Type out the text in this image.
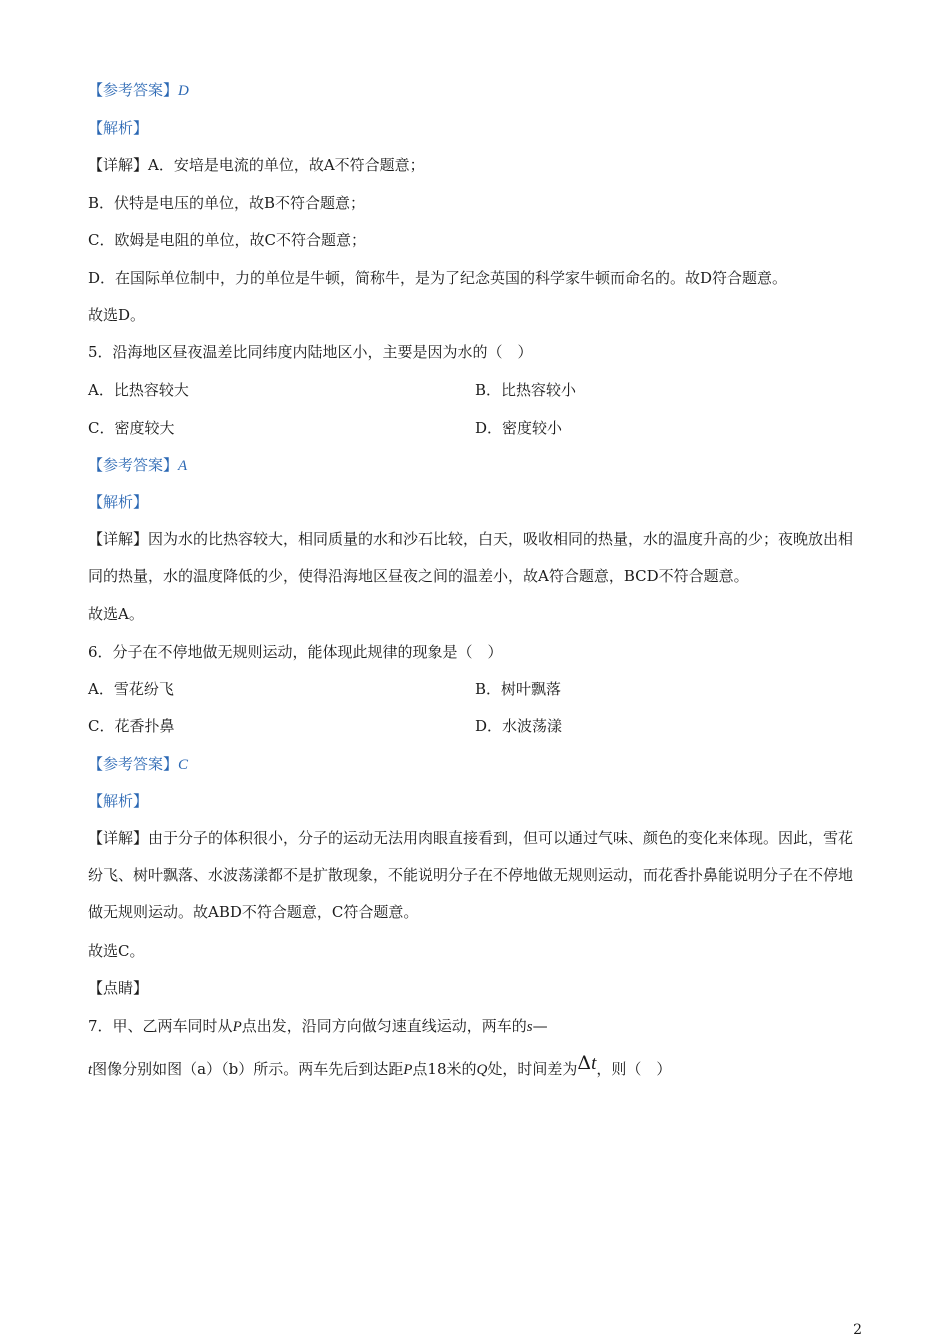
【参考答案】D
【解析】
【详解】A．安培是电流的单位，故A不符合题意；
B．伏特是电压的单位，故B不符合题意；
C．欧姆是电阻的单位，故C不符合题意；
D．在国际单位制中，力的单位是牛顿，简称牛，是为了纪念英国的科学家牛顿而命名的。故D符合题意。
故选D。
5．沿海地区昼夜温差比同纬度内陆地区小，主要是因为水的（　）
A．比热容较大	B．比热容较小
C．密度较大	D．密度较小
【参考答案】A
【解析】
【详解】因为水的比热容较大，相同质量的水和沙石比较，白天，吸收相同的热量，水的温度升高的少；夜晚放出相同的热量，水的温度降低的少，使得沿海地区昼夜之间的温差小，故A符合题意，BCD不符合题意。
故选A。
6．分子在不停地做无规则运动，能体现此规律的现象是（　）
A．雪花纷飞	B．树叶飘落
C．花香扑鼻	D．水波荡漾
【参考答案】C
【解析】
【详解】由于分子的体积很小，分子的运动无法用肉眼直接看到，但可以通过气味、颜色的变化来体现。因此，雪花纷飞、树叶飘落、水波荡漾都不是扩散现象，不能说明分子在不停地做无规则运动，而花香扑鼻能说明分子在不停地做无规则运动。故ABD不符合题意，C符合题意。
故选C。
【点睛】
7．甲、乙两车同时从P点出发，沿同方向做匀速直线运动，两车的s—
t图像分别如图（a）（b）所示。两车先后到达距P点18米的Q处，时间差为Δt，则（　）
2
